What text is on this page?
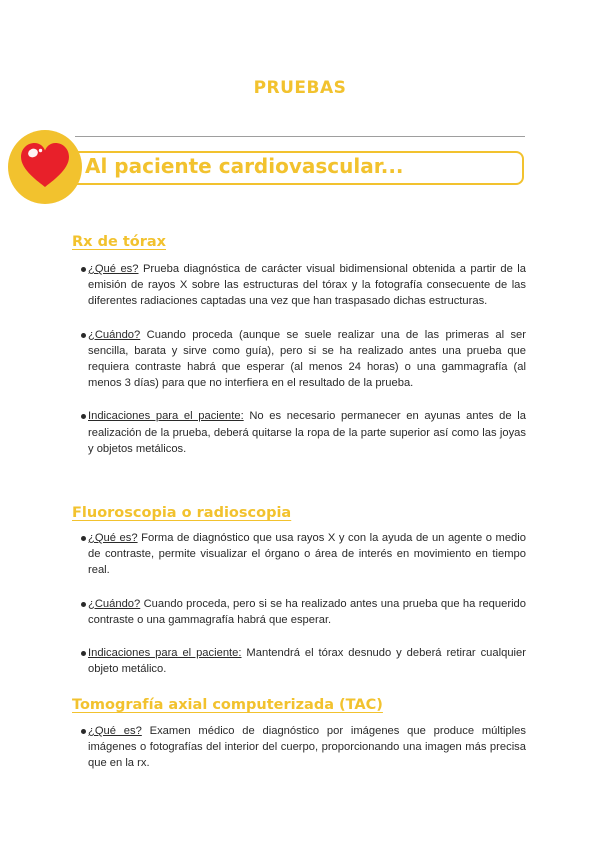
PRUEBAS
Al paciente cardiovascular...
Rx de tórax
¿Qué es? Prueba diagnóstica de carácter visual bidimensional obtenida a partir de la emisión de rayos X sobre las estructuras del tórax y la fotografía consecuente de las diferentes radiaciones captadas una vez que han traspasado dichas estructuras.
¿Cuándo? Cuando proceda (aunque se suele realizar una de las primeras al ser sencilla, barata y sirve como guía), pero si se ha realizado antes una prueba que requiera contraste habrá que esperar (al menos 24 horas) o una gammagrafía (al menos 3 días) para que no interfiera en el resultado de la prueba.
Indicaciones para el paciente: No es necesario permanecer en ayunas antes de la realización de la prueba, deberá quitarse la ropa de la parte superior así como las joyas y objetos metálicos.
Fluoroscopia o radioscopia
¿Qué es? Forma de diagnóstico que usa rayos X y con la ayuda de un agente o medio de contraste, permite visualizar el órgano o área de interés en movimiento en tiempo real.
¿Cuándo? Cuando proceda, pero si se ha realizado antes una prueba que ha requerido contraste o una gammagrafía habrá que esperar.
Indicaciones para el paciente: Mantendrá el tórax desnudo y deberá retirar cualquier objeto metálico.
Tomografía axial computerizada (TAC)
¿Qué es? Examen médico de diagnóstico por imágenes que produce múltiples imágenes o fotografías del interior del cuerpo, proporcionando una imagen más precisa que en la rx.
